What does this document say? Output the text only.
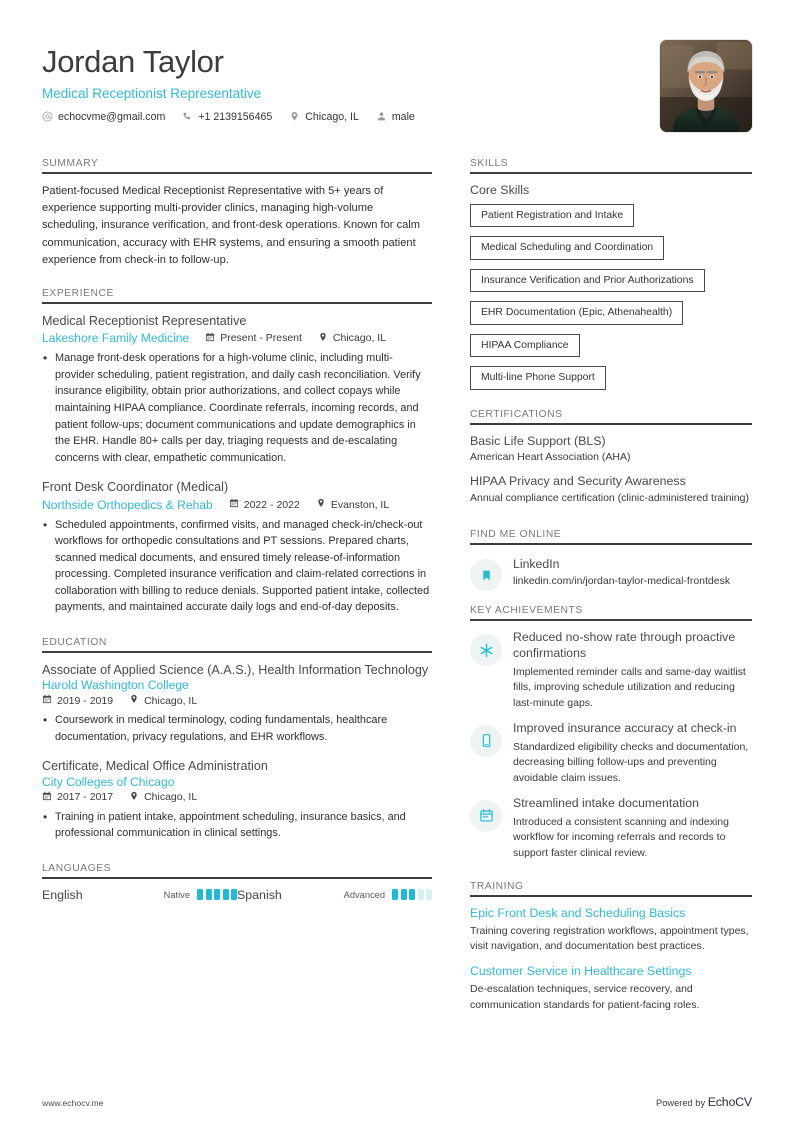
Jordan Taylor
Medical Receptionist Representative
echocvme@gmail.com	+1 2139156465	Chicago, IL	male
SUMMARY
Patient-focused Medical Receptionist Representative with 5+ years of experience supporting multi-provider clinics, managing high-volume scheduling, insurance verification, and front-desk operations. Known for calm communication, accuracy with EHR systems, and ensuring a smooth patient experience from check-in to follow-up.
EXPERIENCE
Medical Receptionist Representative
Lakeshore Family Medicine	Present - Present	Chicago, IL
• Manage front-desk operations for a high-volume clinic, including multi-provider scheduling, patient registration, and daily cash reconciliation. Verify insurance eligibility, obtain prior authorizations, and collect copays while maintaining HIPAA compliance. Coordinate referrals, incoming records, and patient follow-ups; document communications and update demographics in the EHR. Handle 80+ calls per day, triaging requests and de-escalating concerns with clear, empathetic communication.
Front Desk Coordinator (Medical)
Northside Orthopedics & Rehab	2022 - 2022	Evanston, IL
• Scheduled appointments, confirmed visits, and managed check-in/check-out workflows for orthopedic consultations and PT sessions. Prepared charts, scanned medical documents, and ensured timely release-of-information processing. Completed insurance verification and claim-related corrections in collaboration with billing to reduce denials. Supported patient intake, collected payments, and maintained accurate daily logs and end-of-day deposits.
EDUCATION
Associate of Applied Science (A.A.S.), Health Information Technology
Harold Washington College
2019 - 2019	Chicago, IL
• Coursework in medical terminology, coding fundamentals, healthcare documentation, privacy regulations, and EHR workflows.
Certificate, Medical Office Administration
City Colleges of Chicago
2017 - 2017	Chicago, IL
• Training in patient intake, appointment scheduling, insurance basics, and professional communication in clinical settings.
LANGUAGES
English	Native	Spanish	Advanced
SKILLS
Core Skills
Patient Registration and Intake
Medical Scheduling and Coordination
Insurance Verification and Prior Authorizations
EHR Documentation (Epic, Athenahealth)
HIPAA Compliance
Multi-line Phone Support
CERTIFICATIONS
Basic Life Support (BLS)
American Heart Association (AHA)
HIPAA Privacy and Security Awareness
Annual compliance certification (clinic-administered training)
FIND ME ONLINE
LinkedIn
linkedin.com/in/jordan-taylor-medical-frontdesk
KEY ACHIEVEMENTS
Reduced no-show rate through proactive confirmations
Implemented reminder calls and same-day waitlist fills, improving schedule utilization and reducing last-minute gaps.
Improved insurance accuracy at check-in
Standardized eligibility checks and documentation, decreasing billing follow-ups and preventing avoidable claim issues.
Streamlined intake documentation
Introduced a consistent scanning and indexing workflow for incoming referrals and records to support faster clinical review.
TRAINING
Epic Front Desk and Scheduling Basics
Training covering registration workflows, appointment types, visit navigation, and documentation best practices.
Customer Service in Healthcare Settings
De-escalation techniques, service recovery, and communication standards for patient-facing roles.
www.echocv.me	Powered by EchoCV
